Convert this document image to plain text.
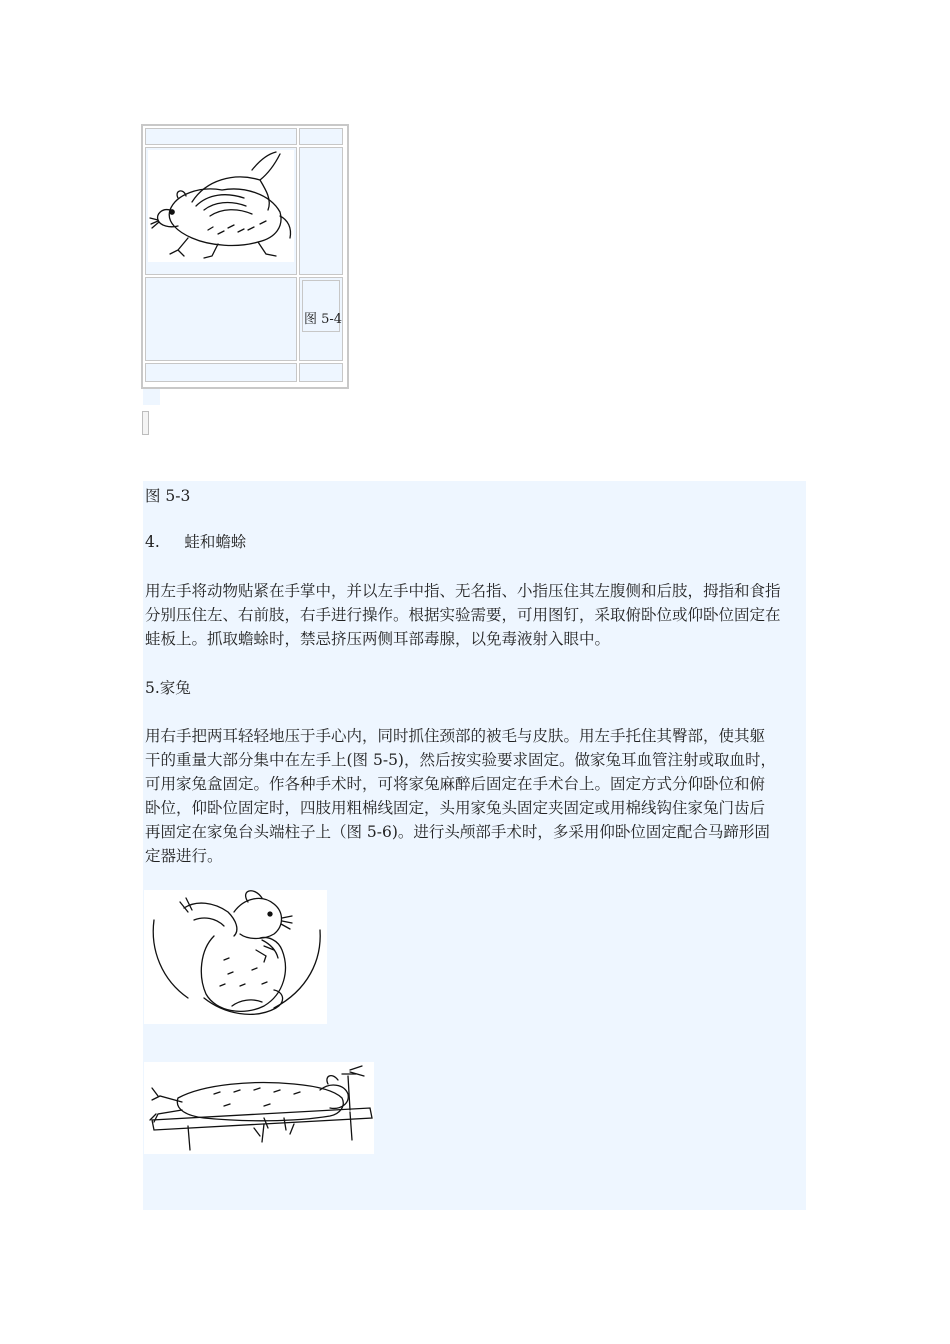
图 5-4
图 5-3
4.     蛙和蟾蜍
用左手将动物贴紧在手掌中，并以左手中指、无名指、小指压住其左腹侧和后肢，拇指和食指
分别压住左、右前肢，右手进行操作。根据实验需要，可用图钉，采取俯卧位或仰卧位固定在
蛙板上。抓取蟾蜍时，禁忌挤压两侧耳部毒腺，以免毒液射入眼中。
5.家兔
用右手把两耳轻轻地压于手心内，同时抓住颈部的被毛与皮肤。用左手托住其臀部，使其躯
干的重量大部分集中在左手上(图 5-5)，然后按实验要求固定。做家兔耳血管注射或取血时，
可用家兔盒固定。作各种手术时，可将家兔麻醉后固定在手术台上。固定方式分仰卧位和俯
卧位，仰卧位固定时，四肢用粗棉线固定，头用家兔头固定夹固定或用棉线钩住家兔门齿后
再固定在家兔台头端柱子上（图 5-6)。进行头颅部手术时，多采用仰卧位固定配合马蹄形固
定器进行。
